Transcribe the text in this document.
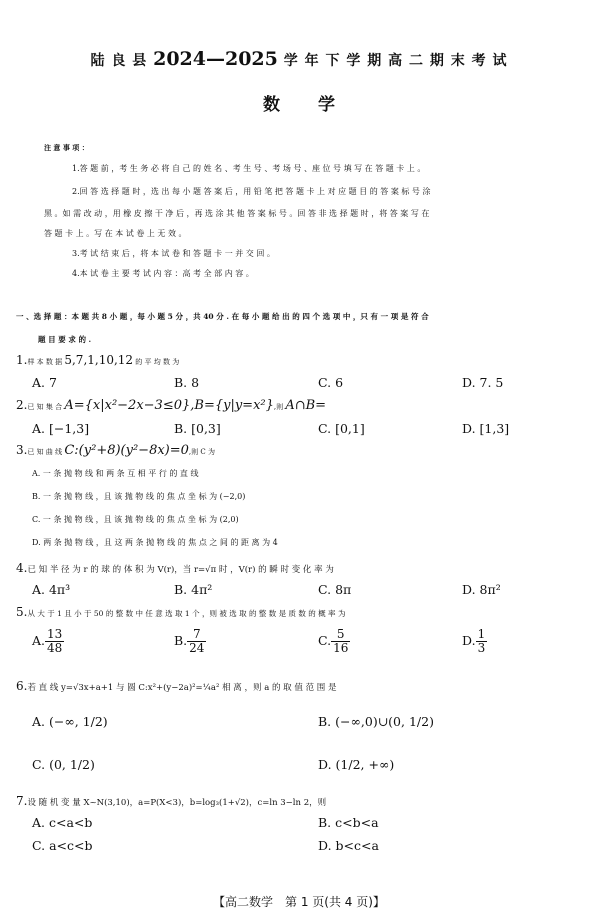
陆 良 县 2024—2025 学 年 下 学 期 高 二 期 末 考 试
数学
注 意 事 项 ：
1.答 题 前 ，考 生 务 必 将 自 己 的 姓 名 、考 生 号 、考 场 号 、座 位 号 填 写 在 答 题 卡 上 。
2.回 答 选 择 题 时 ，选 出 每 小 题 答 案 后 ，用 铅 笔 把 答 题 卡 上 对 应 题 目 的 答 案 标 号 涂
黑 。如 需 改 动 ，用 橡 皮 擦 干 净 后 ，再 选 涂 其 他 答 案 标 号 。回 答 非 选 择 题 时 ，将 答 案 写 在
答 题 卡 上 。写 在 本 试 卷 上 无 效 。
3.考 试 结 束 后 ，将 本 试 卷 和 答 题 卡 一 并 交 回 。
4.本 试 卷 主 要 考 试 内 容 ：高 考 全 部 内 容 。
一 、选 择 题 ：本 题 共 8 小 题 ，每 小 题 5 分 ，共 40 分 . 在 每 小 题 给 出 的 四 个 选 项 中 ，只 有 一 项 是 符 合
题 目 要 求 的 .
1.样 本 数 据 5,7,1,10,12 的 平 均 数 为
A. 7	B. 8	C. 6	D. 7. 5
2.已 知 集 合 A={x|x²−2x−3≤0},B={y|y=x²},则 A∩B=
A. [−1,3]	B. [0,3]	C. [0,1]	D. [1,3]
3.已 知 曲 线 C:(y²+8)(y²−8x)=0,则 C 为
A. 一 条 抛 物 线 和 两 条 互 相 平 行 的 直 线
B. 一 条 抛 物 线 ，且 该 抛 物 线 的 焦 点 坐 标 为 (−2,0)
C. 一 条 抛 物 线 ，且 该 抛 物 线 的 焦 点 坐 标 为 (2,0)
D. 两 条 抛 物 线 ，且 这 两 条 抛 物 线 的 焦 点 之 间 的 距 离 为 4
4.已 知 半 径 为 r 的 球 的 体 积 为 V(r)，当 r=√π 时 ，V(r) 的 瞬 时 变 化 率 为
A. 4π³	B. 4π²	C. 8π	D. 8π²
5.从 大 于 1 且 小 于 50 的 整 数 中 任 意 选 取 1 个 ，则 被 选 取 的 整 数 是 质 数 的 概 率 为
A. $\frac{13}{48}$	B. $\frac{7}{24}$	C. $\frac{5}{16}$	D. $\frac{1}{3}$
6.若 直 线 y=√3x+a+1 与 圆 C:x²+(y−2a)²=¼a² 相 离 ，则 a 的 取 值 范 围 是
A. (−∞, 1/2)	B. (−∞,0)∪(0, 1/2)
C. (0, 1/2)	D. (1/2, +∞)
7.设 随 机 变 量 X~N(3,10)，a=P(X<3)，b=log₃(1+√2)，c=ln 3−ln 2，则
A. c<a<b	B. c<b<a
C. a<c<b	D. b<c<a
【高二数学　第 1 页(共 4 页)】
